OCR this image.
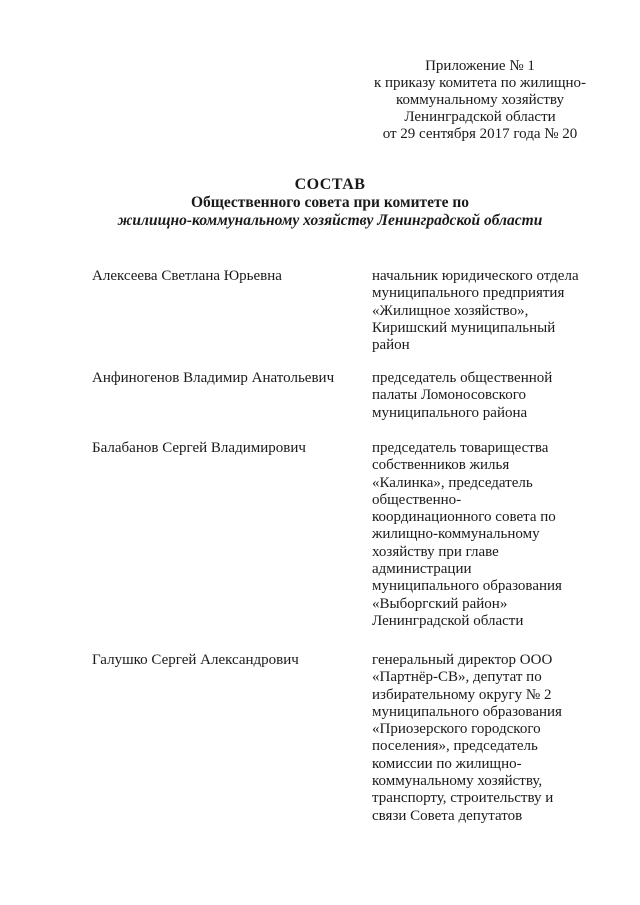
Приложение № 1
к приказу комитета по жилищно-
коммунальному хозяйству
Ленинградской области
от 29 сентября 2017 года № 20
СОСТАВ
Общественного совета при комитете по
жилищно-коммунальному хозяйству Ленинградской области
Алексеева Светлана Юрьевна	начальник юридического отдела
муниципального предприятия
«Жилищное хозяйство»,
Киришский муниципальный
район
Анфиногенов Владимир Анатольевич	председатель общественной
палаты Ломоносовского
муниципального района
Балабанов Сергей Владимирович	председатель товарищества
собственников жилья
«Калинка», председатель
общественно-
координационного совета по
жилищно-коммунальному
хозяйству при главе
администрации
муниципального образования
«Выборгский район»
Ленинградской области
Галушко Сергей Александрович	генеральный директор ООО
«Партнёр-СВ», депутат по
избирательному округу № 2
муниципального образования
«Приозерского городского
поселения», председатель
комиссии по жилищно-
коммунальному хозяйству,
транспорту, строительству и
связи Совета депутатов
